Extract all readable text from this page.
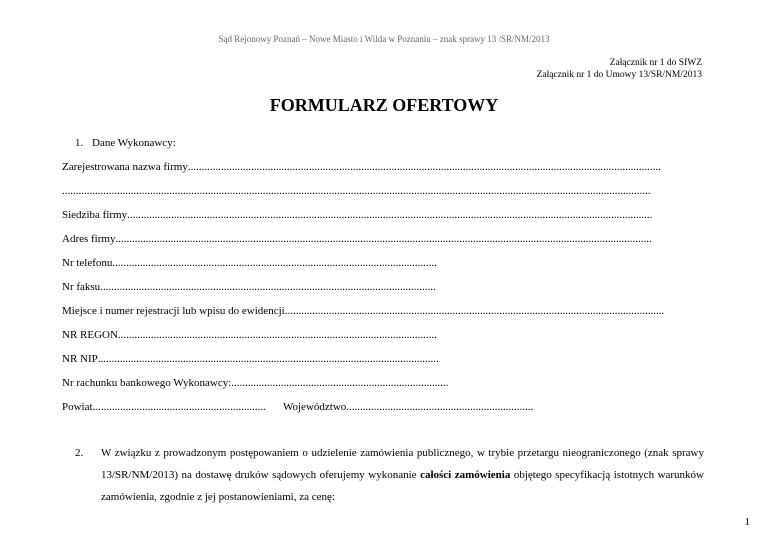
Sąd Rejonowy Poznań – Nowe Miasto i Wilda w Poznaniu – znak sprawy 13 /SR/NM/2013
Załącznik nr 1 do SIWZ
Załącznik nr 1 do Umowy 13/SR/NM/2013
FORMULARZ OFERTOWY
1. Dane Wykonawcy:
Zarejestrowana nazwa firmy ............................................................................................................................................................................
......................................................................................................................................................................................................................
Siedziba firmy ...............................................................................................................................................................................................
Adres firmy ...................................................................................................................................................................................................
Nr telefonu ......................................................................................................................
Nr faksu ..........................................................................................................................
Miejsce i numer rejestracji lub wpisu do ewidencji ..........................................................................................................................................
NR REGON ....................................................................................................................
NR NIP ............................................................................................................................
Nr rachunku bankowego Wykonawcy: ...............................................................................
Powiat ............................................................... Województwo ....................................................................
2. W związku z prowadzonym postępowaniem o udzielenie zamówienia publicznego, w trybie przetargu nieograniczonego (znak sprawy 13/SR/NM/2013) na dostawę druków sądowych oferujemy wykonanie całości zamówienia objętego specyfikacją istotnych warunków zamówienia, zgodnie z jej postanowieniami, za cenę:
1
